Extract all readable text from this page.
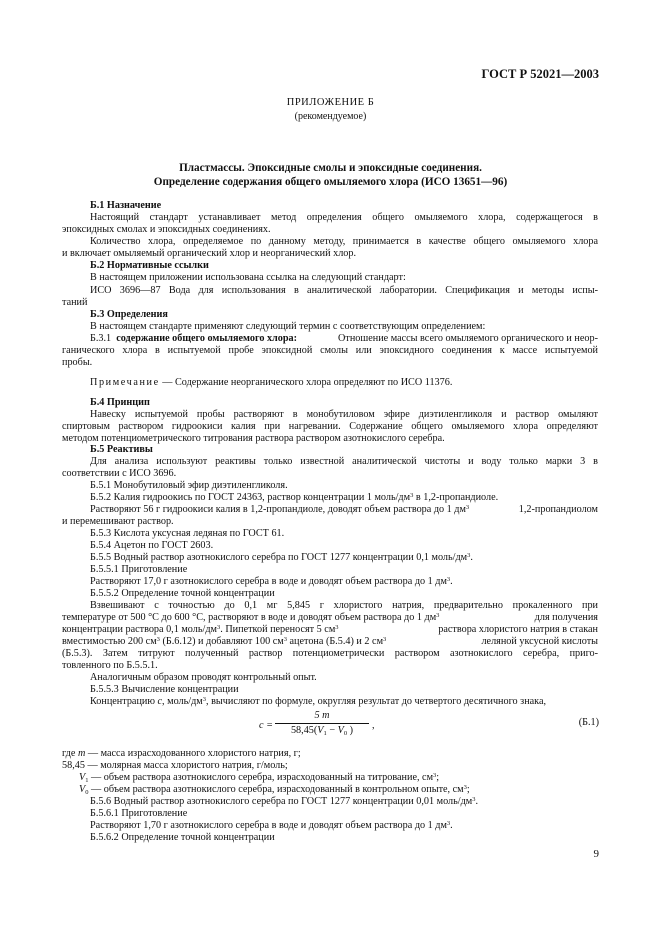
ГОСТ Р 52021—2003
ПРИЛОЖЕНИЕ Б
(рекомендуемое)
Пластмассы. Эпоксидные смолы и эпоксидные соединения.
Определение содержания общего омыляемого хлора (ИСО 13651—96)
Б.1 Назначение
Настоящий стандарт устанавливает метод определения общего омыляемого хлора, содержащегося в
эпоксидных смолах и эпоксидных соединениях.
Количество хлора, определяемое по данному методу, принимается в качестве общего омыляемого хлора
и включает омыляемый органический хлор и неорганический хлор.
Б.2 Нормативные ссылки
В настоящем приложении использована ссылка на следующий стандарт:
ИСО 3696—87 Вода для использования в аналитической лаборатории. Спецификация и методы испы-
таний
Б.3 Определения
В настоящем стандарте применяют следующий термин с соответствующим определением:
Б.3.1 содержание общего омыляемого хлора:	Отношение массы всего омыляемого органического и неор-
ганического хлора в испытуемой пробе эпоксидной смолы или эпоксидного соединения к массе испытуемой
пробы.
Примечание — Содержание неорганического хлора определяют по ИСО 11376.
Б.4 Принцип
Навеску испытуемой пробы растворяют в монобутиловом эфире диэтиленгликоля и раствор омыляют
спиртовым раствором гидроокиси калия при нагревании. Содержание общего омыляемого хлора определяют
методом потенциометрического титрования раствора раствором азотнокислого серебра.
Б.5 Реактивы
Для анализа используют реактивы только известной аналитической чистоты и воду только марки 3 в
соответствии с ИСО 3696.
Б.5.1 Монобутиловый эфир диэтиленгликоля.
Б.5.2 Калия гидроокись по ГОСТ 24363, раствор концентрации 1 моль/$дм^3$ в 1,2-пропандиоле.
Растворяют 56 г гидроокиси калия в 1,2-пропандиоле, доводят объем раствора до 1 $дм^3$	1,2-пропандиолом
и перемешивают раствор.
Б.5.3 Кислота уксусная ледяная по ГОСТ 61.
Б.5.4 Ацетон по ГОСТ 2603.
Б.5.5 Водный раствор азотнокислого серебра по ГОСТ 1277 концентрации 0,1 моль/$дм^3$.
Б.5.5.1 Приготовление
Растворяют 17,0 г азотнокислого серебра в воде и доводят объем раствора до 1 $дм^3$.
Б.5.5.2 Определение точной концентрации
Взвешивают с точностью до 0,1 мг 5,845 г хлористого натрия, предварительно прокаленного при
температуре от 500 °С до 600 °С, растворяют в воде и доводят объем раствора до 1 $дм^3$	для получения
концентрации раствора 0,1 моль/$дм^3$. Пипеткой переносят 5 $см^3$	раствора хлористого натрия в стакан
вместимостью 200 $см^3$ (Б.6.12) и добавляют 100 $см^3$ ацетона (Б.5.4) и 2 $см^3$	леляной уксусной кислоты
(Б.5.3). Затем титруют полученный раствор потенциометрически раствором азотнокислого серебра, приго-
товленного по Б.5.5.1.
Аналогичным образом проводят контрольный опыт.
Б.5.5.3 Вычисление концентрации
Концентрацию с, моль/$дм^3$, вычисляют по формуле, округляя результат до четвертого десятичного знака,
c =
5 m
$58,45(V_1 - V_0$ )	,	(Б.1)
где m — масса израсходованного хлористого натрия, г;
58,45 — молярная масса хлористого натрия, г/моль;
$V_1$ — объем раствора азотнокислого серебра, израсходованный на титрование, $см^3$;
$V_0$ — объем раствора азотнокислого серебра, израсходованный в контрольном опыте, $см^3$;
Б.5.6 Водный раствор азотнокислого серебра по ГОСТ 1277 концентрации 0,01 моль/$дм^3$.
Б.5.6.1 Приготовление
Растворяют 1,70 г азотнокислого серебра в воде и доводят объем раствора до 1 $дм^3$.
Б.5.6.2 Определение точной концентрации
9
